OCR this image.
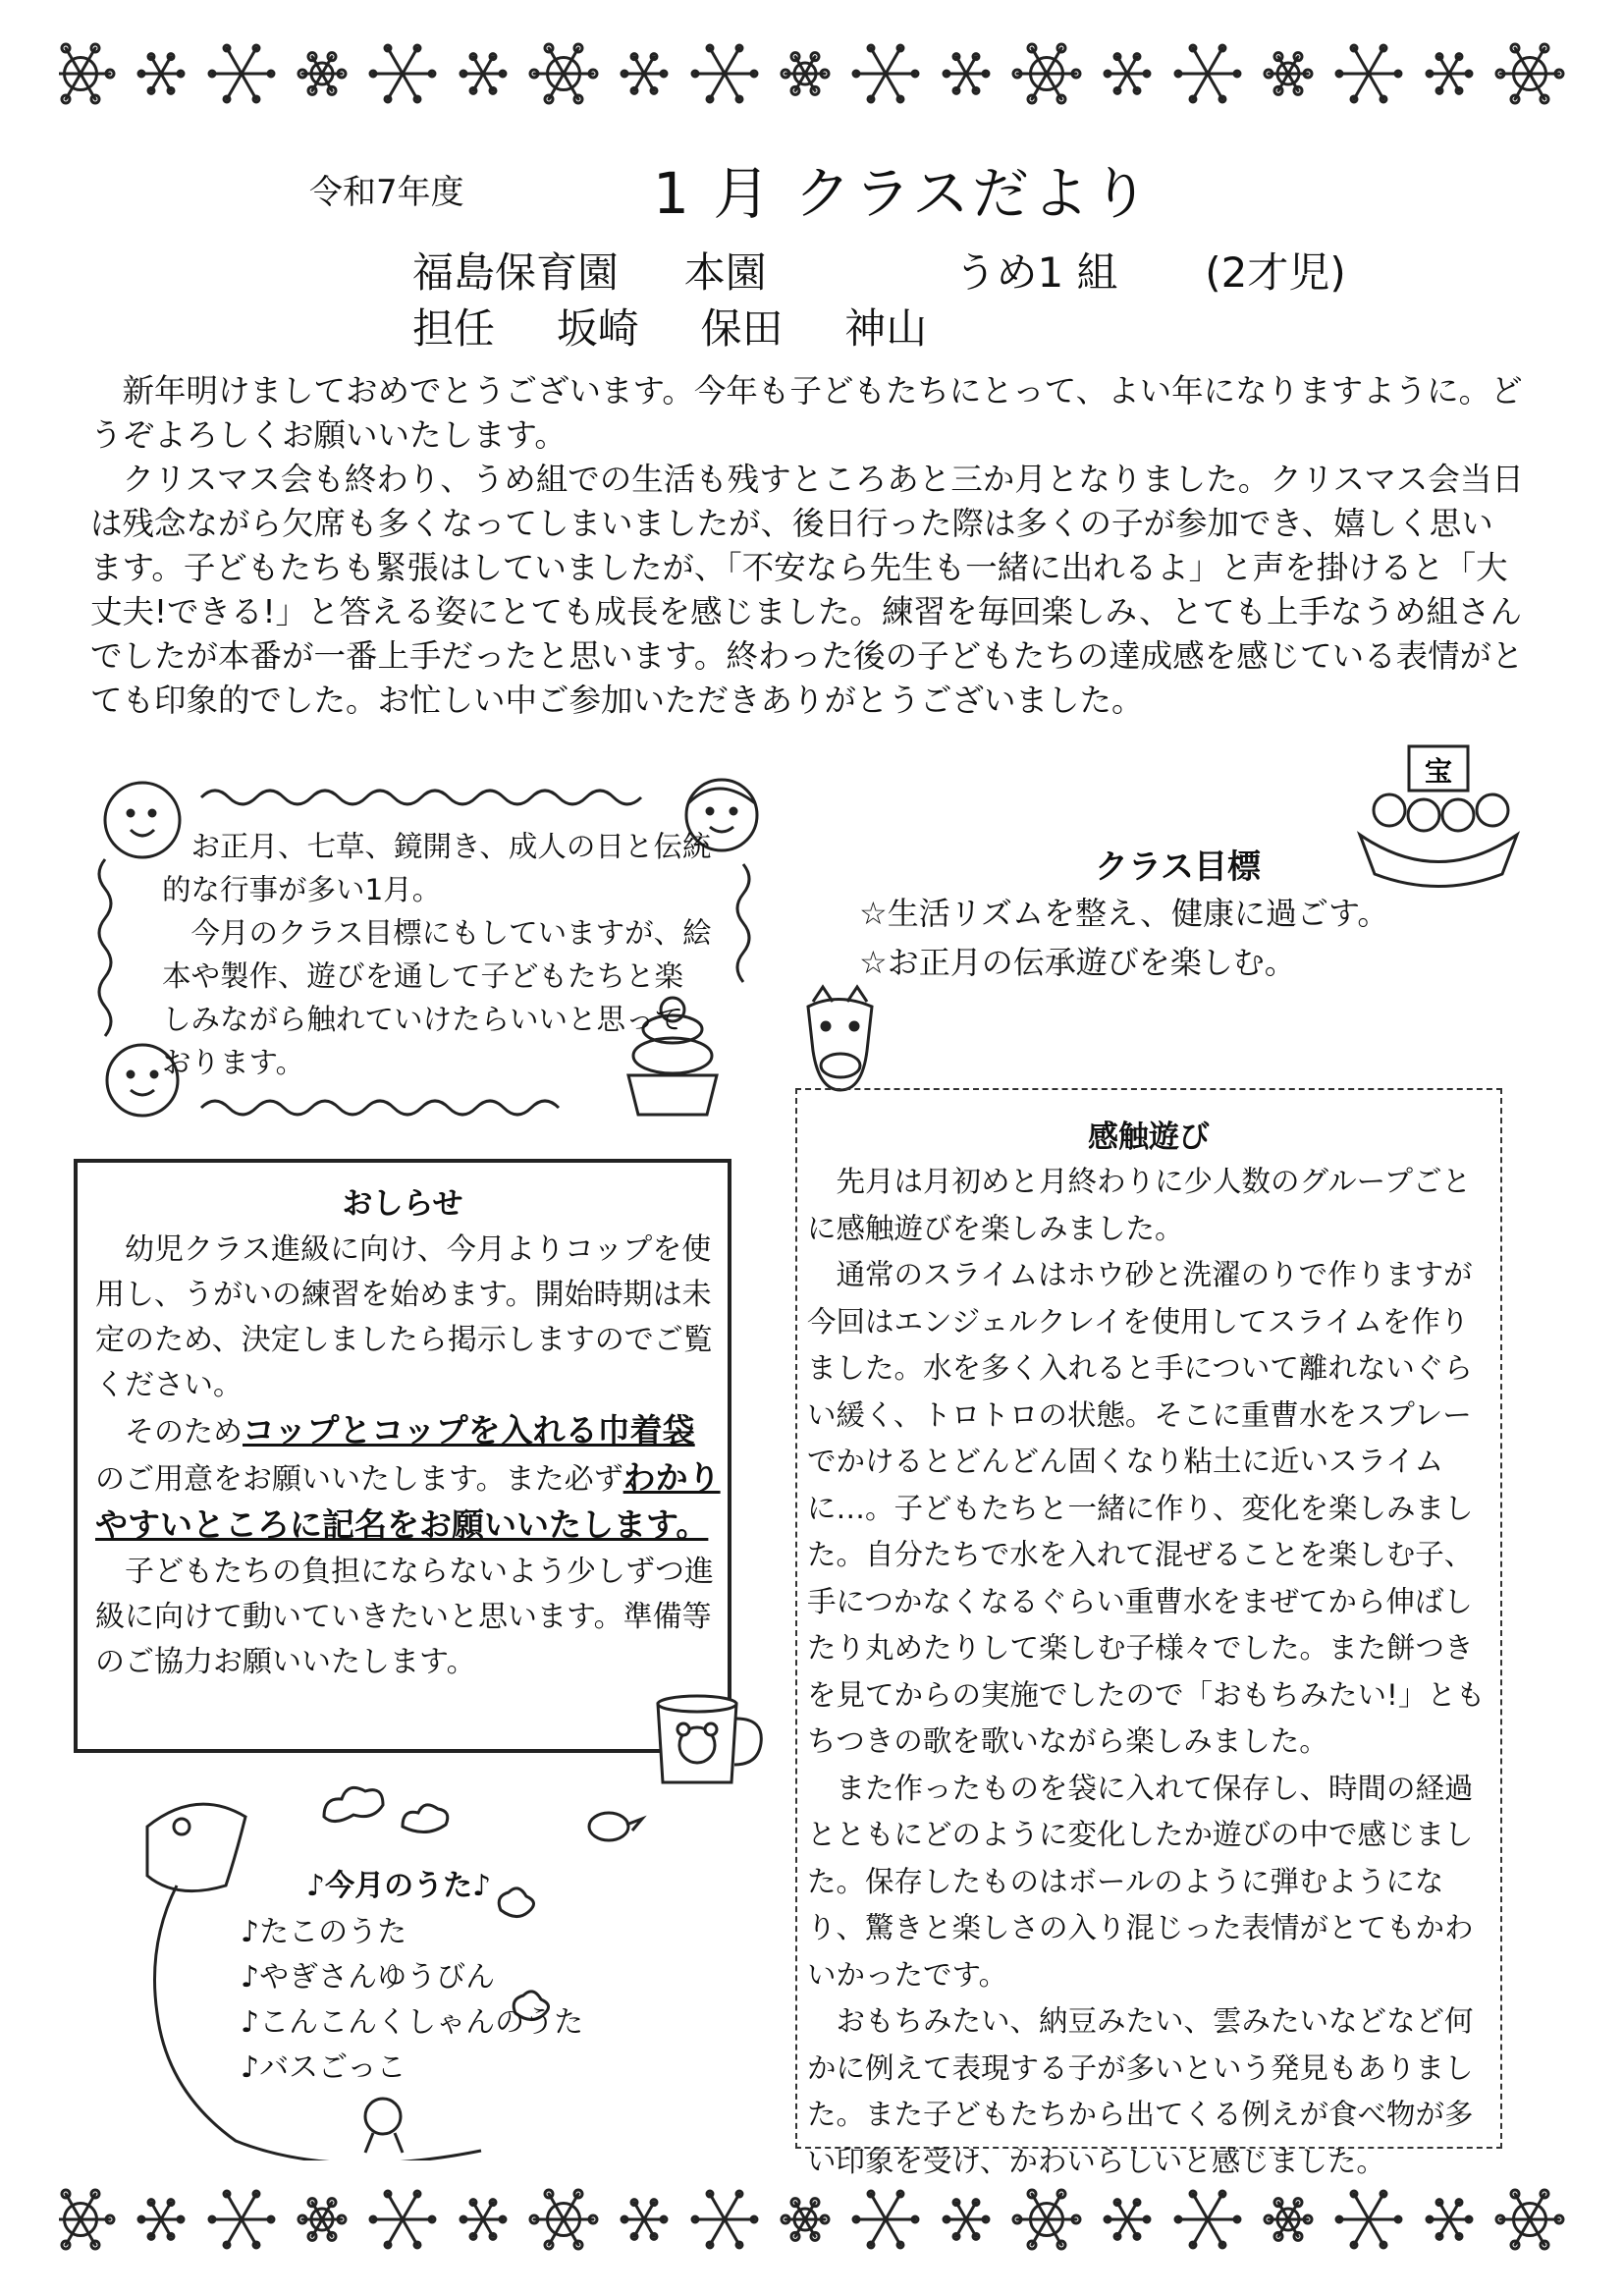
令和7年度	1 月 クラスだより
福島保育園 本園	うめ1 組 (2才児)
担任 坂崎 保田 神山

新年明けましておめでとうございます。今年も子どもたちにとって、よい年になりますように。どうぞよろしくお願いいたします。

クリスマス会も終わり、うめ組での生活も残すところあと三か月となりました。クリスマス会当日は残念ながら欠席も多くなってしまいましたが、後日行った際は多くの子が参加でき、嬉しく思います。子どもたちも緊張はしていましたが、「不安なら先生も一緒に出れるよ」と声を掛けると「大丈夫!できる!」と答える姿にとても成長を感じました。練習を毎回楽しみ、とても上手なうめ組さんでしたが本番が一番上手だったと思います。終わった後の子どもたちの達成感を感じている表情がとても印象的でした。お忙しい中ご参加いただきありがとうございました。

お正月、七草、鏡開き、成人の日と伝統的な行事が多い1月。

今月のクラス目標にもしていますが、絵本や製作、遊びを通して子どもたちと楽しみながら触れていけたらいいと思っております。

宝
クラス目標
☆生活リズムを整え、健康に過ごす。
☆お正月の伝承遊びを楽しむ。
おしらせ

幼児クラス進級に向け、今月よりコップを使用し、うがいの練習を始めます。開始時期は未定のため、決定しましたら掲示しますのでご覧ください。

そのためコップとコップを入れる巾着袋のご用意をお願いいたします。また必ずわかりやすいところに記名をお願いいたします。

子どもたちの負担にならないよう少しずつ進級に向けて動いていきたいと思います。準備等のご協力お願いいたします。

感触遊び

先月は月初めと月終わりに少人数のグループごとに感触遊びを楽しみました。

通常のスライムはホウ砂と洗濯のりで作りますが今回はエンジェルクレイを使用してスライムを作りました。水を多く入れると手について離れないぐらい緩く、トロトロの状態。そこに重曹水をスプレーでかけるとどんどん固くなり粘土に近いスライムに…。子どもたちと一緒に作り、変化を楽しみました。自分たちで水を入れて混ぜることを楽しむ子、手につかなくなるぐらい重曹水をまぜてから伸ばしたり丸めたりして楽しむ子様々でした。また餅つきを見てからの実施でしたので「おもちみたい!」ともちつきの歌を歌いながら楽しみました。

また作ったものを袋に入れて保存し、時間の経過とともにどのように変化したか遊びの中で感じました。保存したものはボールのように弾むようになり、驚きと楽しさの入り混じった表情がとてもかわいかったです。

おもちみたい、納豆みたい、雲みたいなどなど何かに例えて表現する子が多いという発見もありました。また子どもたちから出てくる例えが食べ物が多い印象を受け、かわいらしいと感じました。

♪今月のうた♪
♪たこのうた
♪やぎさんゆうびん
♪こんこんくしゃんのうた
♪バスごっこ
